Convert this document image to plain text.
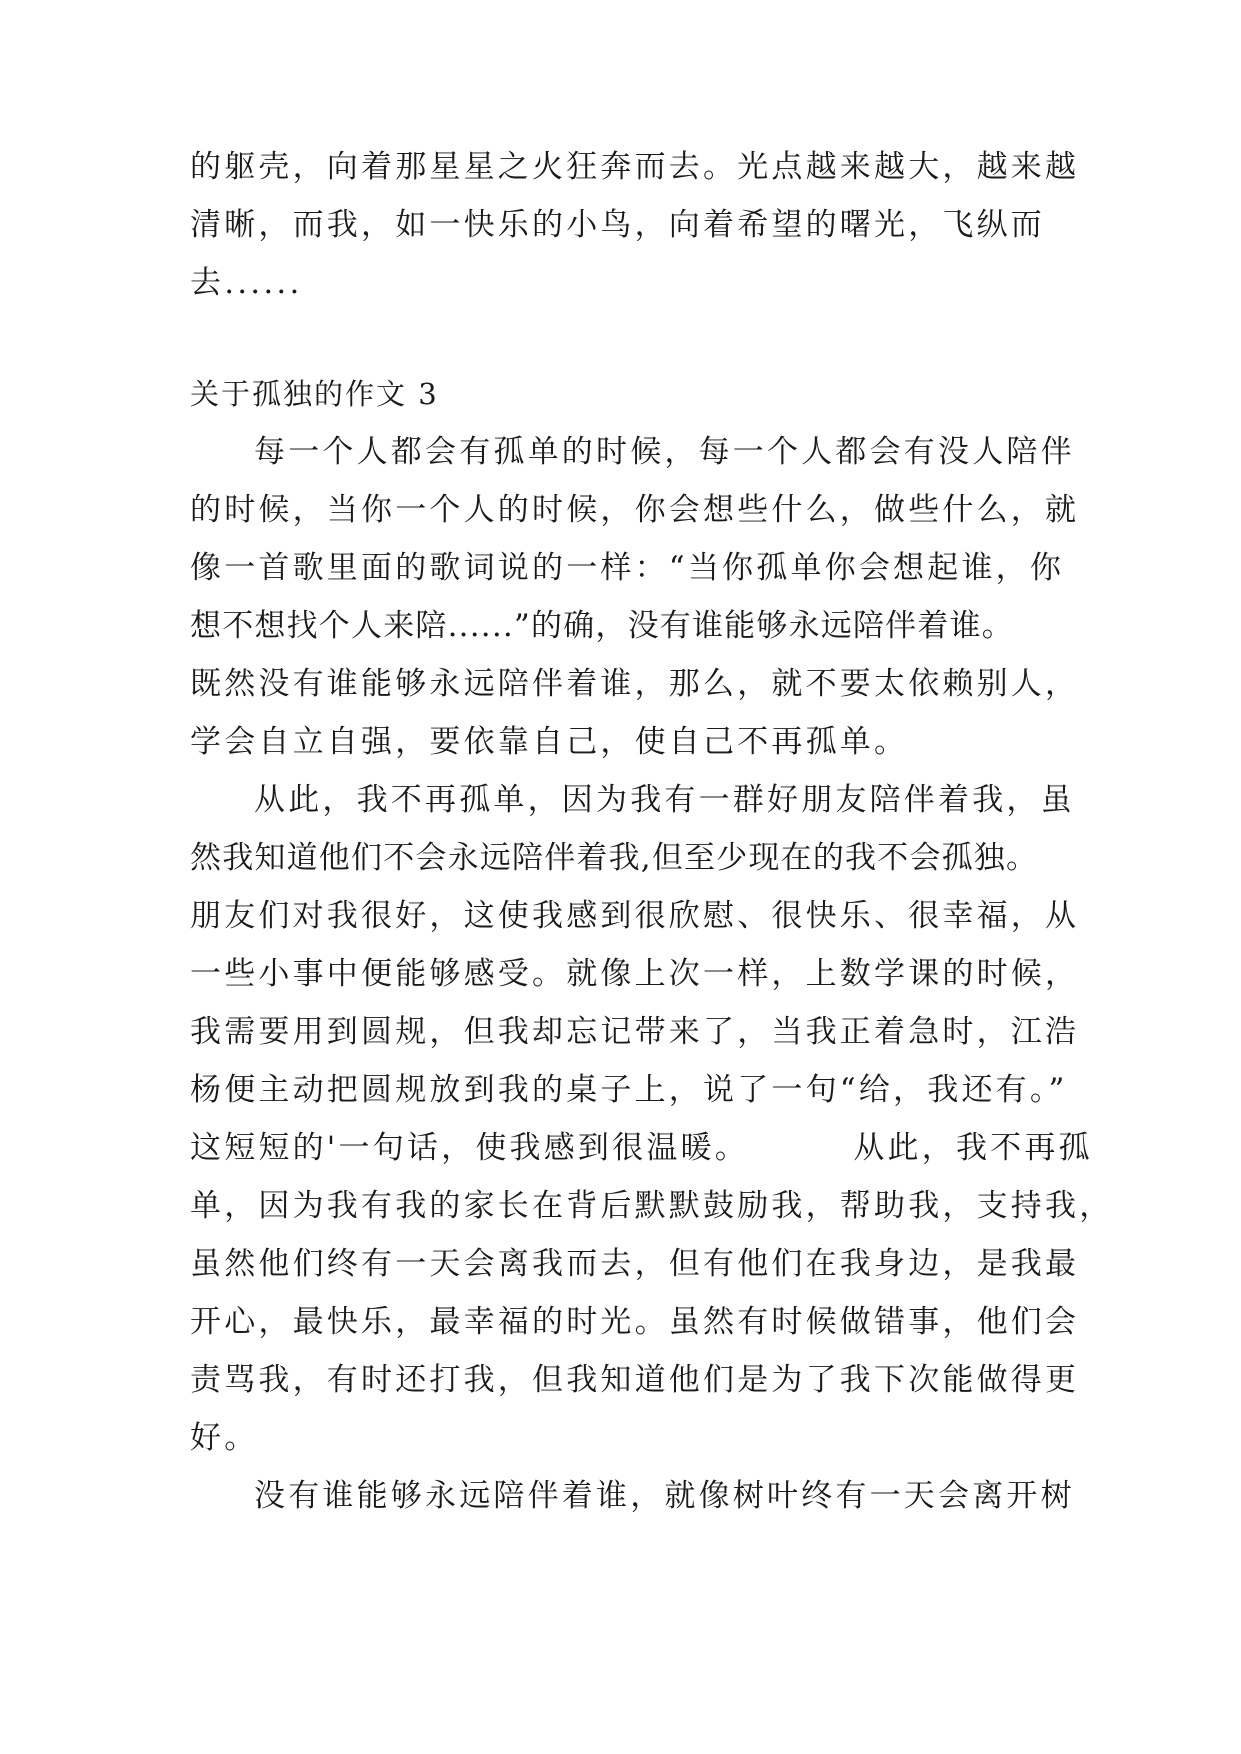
的躯壳，向着那星星之火狂奔而去。光点越来越大，越来越
清晰，而我，如一快乐的小鸟，向着希望的曙光，飞纵而
去......
关于孤独的作文 3
每一个人都会有孤单的时候，每一个人都会有没人陪伴
的时候，当你一个人的时候，你会想些什么，做些什么，就
像一首歌里面的歌词说的一样：“当你孤单你会想起谁，你
想不想找个人来陪......”的确，没有谁能够永远陪伴着谁。
既然没有谁能够永远陪伴着谁，那么，就不要太依赖别人，
学会自立自强，要依靠自己，使自己不再孤单。
从此，我不再孤单，因为我有一群好朋友陪伴着我，虽
然我知道他们不会永远陪伴着我,但至少现在的我不会孤独。
朋友们对我很好，这使我感到很欣慰、很快乐、很幸福，从
一些小事中便能够感受。就像上次一样，上数学课的时候，
我需要用到圆规，但我却忘记带来了，当我正着急时，江浩
杨便主动把圆规放到我的桌子上，说了一句“给，我还有。”
这短短的'一句话，使我感到很温暖。        从此，我不再孤
单，因为我有我的家长在背后默默鼓励我，帮助我，支持我，
虽然他们终有一天会离我而去，但有他们在我身边，是我最
开心，最快乐，最幸福的时光。虽然有时候做错事，他们会
责骂我，有时还打我，但我知道他们是为了我下次能做得更
好。
没有谁能够永远陪伴着谁，就像树叶终有一天会离开树
